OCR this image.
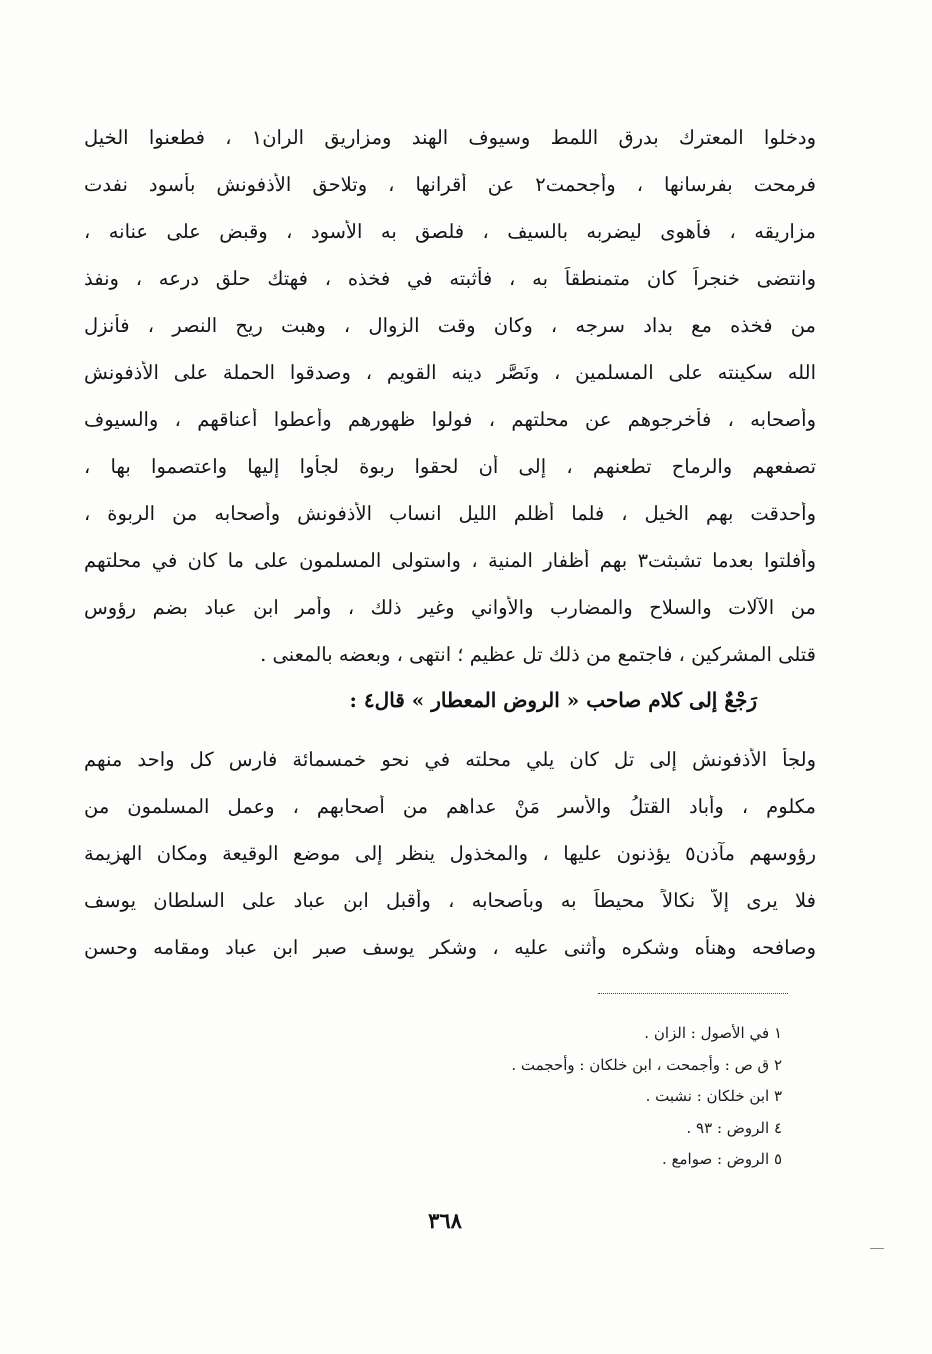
ودخلوا المعترك بدرق اللمط وسيوف الهند ومزاريق الران١ ، فطعنوا الخيل
فرمحت بفرسانها ، وأجحمت٢ عن أقرانها ، وتلاحق الأذفونش بأسود نفدت
مزاريقه ، فأهوى ليضربه بالسيف ، فلصق به الأسود ، وقبض على عنانه ،
وانتضى خنجراً كان متمنطقاً به ، فأثبته في فخذه ، فهتك حلق درعه ، ونفذ
من فخذه مع بداد سرجه ، وكان وقت الزوال ، وهبت ريح النصر ، فأنزل
الله سكينته على المسلمين ، ونَصَّر دينه القويم ، وصدقوا الحملة على الأذفونش
وأصحابه ، فأخرجوهم عن محلتهم ، فولوا ظهورهم وأعطوا أعناقهم ، والسيوف
تصفعهم والرماح تطعنهم ، إلى أن لحقوا ربوة لجأُوا إليها واعتصموا بها ،
وأحدقت بهم الخيل ، فلما أظلم الليل انساب الأذفونش وأصحابه من الربوة ،
وأفلتوا بعدما تشبثت٣ بهم أظفار المنية ، واستولى المسلمون على ما كان في محلتهم
من الآلات والسلاح والمضارب والأواني وغير ذلك ، وأمر ابن عباد بضم رؤوس
قتلى المشركين ، فاجتمع من ذلك تل عظيم ؛ انتهى ، وبعضه بالمعنى .
رَجْعٌ إلى كلام صاحب « الروض المعطار » قال٤ :
ولجأ الأذفونش إلى تل كان يلي محلته في نحو خمسمائة فارس كل واحد منهم
مكلوم ، وأباد القتلُ والأسر مَنْ عداهم من أصحابهم ، وعمل المسلمون من
رؤوسهم مآذن٥ يؤذنون عليها ، والمخذول ينظر إلى موضع الوقيعة ومكان الهزيمة
فلا يرى إلاّ نكالاً محيطاً به وبأصحابه ، وأقبل ابن عباد على السلطان يوسف
وصافحه وهنأه وشكره وأثنى عليه ، وشكر يوسف صبر ابن عباد ومقامه وحسن
١ في الأصول : الزان .
٢ ق ص : وأجمحت ، ابن خلكان : وأحجمت .
٣ ابن خلكان : نشبت .
٤ الروض : ٩٣ .
٥ الروض : صوامع .
٣٦٨
